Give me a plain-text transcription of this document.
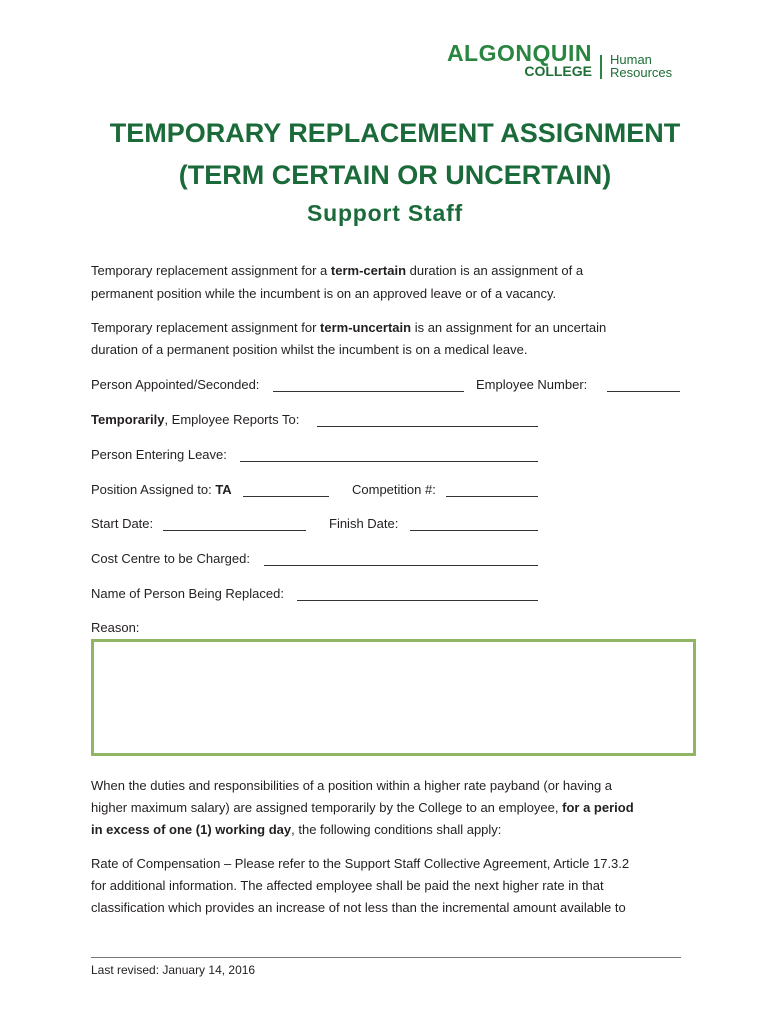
ALGONQUIN
COLLEGE
Human
Resources
TEMPORARY REPLACEMENT ASSIGNMENT
(TERM CERTAIN OR UNCERTAIN)
Support Staff
Temporary replacement assignment for a term-certain duration is an assignment of a
permanent position while the incumbent is on an approved leave or of a vacancy.
Temporary replacement assignment for term-uncertain is an assignment for an uncertain
duration of a permanent position whilst the incumbent is on a medical leave.
Person Appointed/Seconded:	Employee Number:
Temporarily, Employee Reports To:
Person Entering Leave:
Position Assigned to: TA	Competition #:
Start Date:	Finish Date:
Cost Centre to be Charged:
Name of Person Being Replaced:
Reason:
When the duties and responsibilities of a position within a higher rate payband (or having a
higher maximum salary) are assigned temporarily by the College to an employee, for a period
in excess of one (1) working day, the following conditions shall apply:
Rate of Compensation – Please refer to the Support Staff Collective Agreement, Article 17.3.2
for additional information. The affected employee shall be paid the next higher rate in that
classification which provides an increase of not less than the incremental amount available to
Last revised: January 14, 2016
